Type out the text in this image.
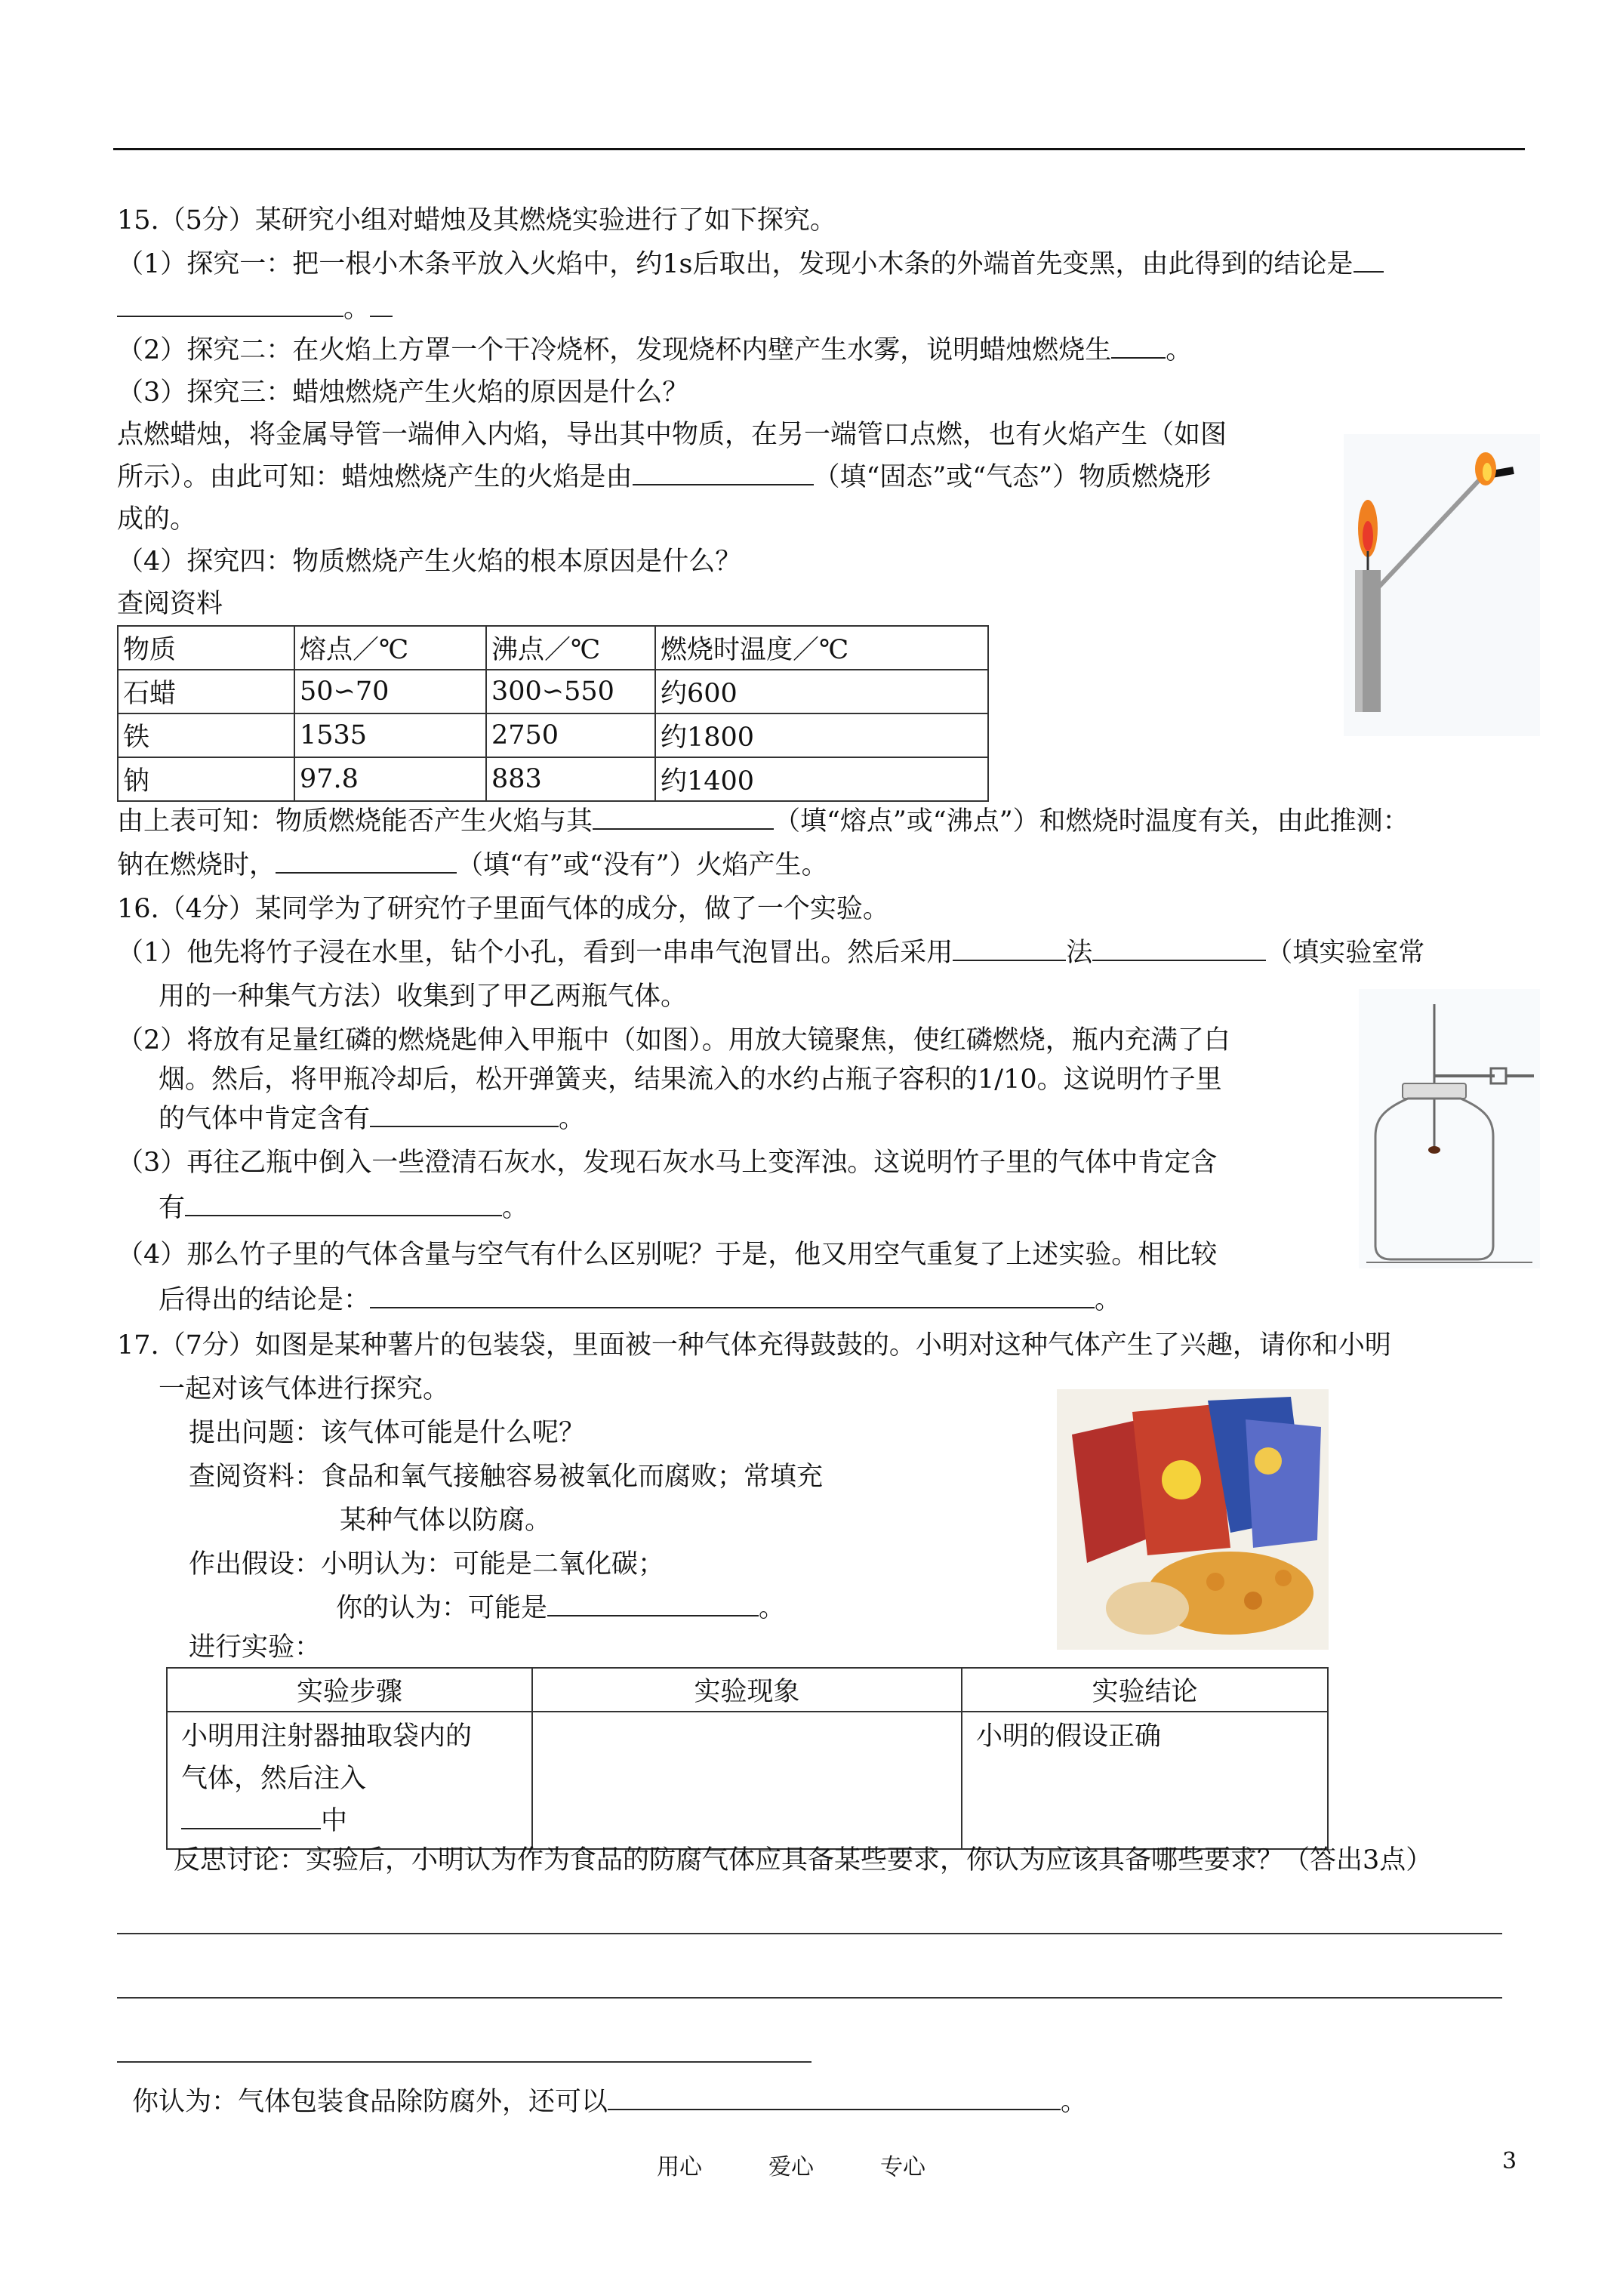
15.（5分）某研究小组对蜡烛及其燃烧实验进行了如下探究。
（1）探究一：把一根小木条平放入火焰中，约1s后取出，发现小木条的外端首先变黑，由此得到的结论是
。
（2）探究二：在火焰上方罩一个干冷烧杯，发现烧杯内壁产生水雾，说明蜡烛燃烧生 。
（3）探究三：蜡烛燃烧产生火焰的原因是什么？
点燃蜡烛，将金属导管一端伸入内焰，导出其中物质，在另一端管口点燃，也有火焰产生（如图
所示）。由此可知：蜡烛燃烧产生的火焰是由	（填“固态”或“气态”）物质燃烧形
成的。
（4）探究四：物质燃烧产生火焰的根本原因是什么？
查阅资料
物质	熔点／℃	沸点／℃	燃烧时温度／℃
石蜡	50∽70	300∽550	约600
铁	1535	2750	约1800
钠	97.8	883	约1400
由上表可知：物质燃烧能否产生火焰与其	（填“熔点”或“沸点”）和燃烧时温度有关，由此推测：
钠在燃烧时，	（填“有”或“没有”）火焰产生。
16.（4分）某同学为了研究竹子里面气体的成分，做了一个实验。
（1）他先将竹子浸在水里，钻个小孔，看到一串串气泡冒出。然后采用	法	（填实验室常
用的一种集气方法）收集到了甲乙两瓶气体。
（2）将放有足量红磷的燃烧匙伸入甲瓶中（如图）。用放大镜聚焦，使红磷燃烧，瓶内充满了白
烟。然后，将甲瓶冷却后，松开弹簧夹，结果流入的水约占瓶子容积的1/10。这说明竹子里
的气体中肯定含有	。
（3）再往乙瓶中倒入一些澄清石灰水，发现石灰水马上变浑浊。这说明竹子里的气体中肯定含
有	。
（4）那么竹子里的气体含量与空气有什么区别呢？于是，他又用空气重复了上述实验。相比较
后得出的结论是：	。
17.（7分）如图是某种薯片的包装袋，里面被一种气体充得鼓鼓的。小明对这种气体产生了兴趣，请你和小明
一起对该气体进行探究。
提出问题：该气体可能是什么呢？
查阅资料：食品和氧气接触容易被氧化而腐败；常填充
某种气体以防腐。
作出假设：小明认为：可能是二氧化碳；
你的认为：可能是	。
进行实验：
实验步骤	实验现象	实验结论

小明用注射器抽取袋内的
气体，然后注入
中		小明的假设正确
反思讨论：实验后，小明认为作为食品的防腐气体应具备某些要求，你认为应该具备哪些要求？（答出3点）
你认为：气体包装食品除防腐外，还可以	。
用心	爱心	专心	3
